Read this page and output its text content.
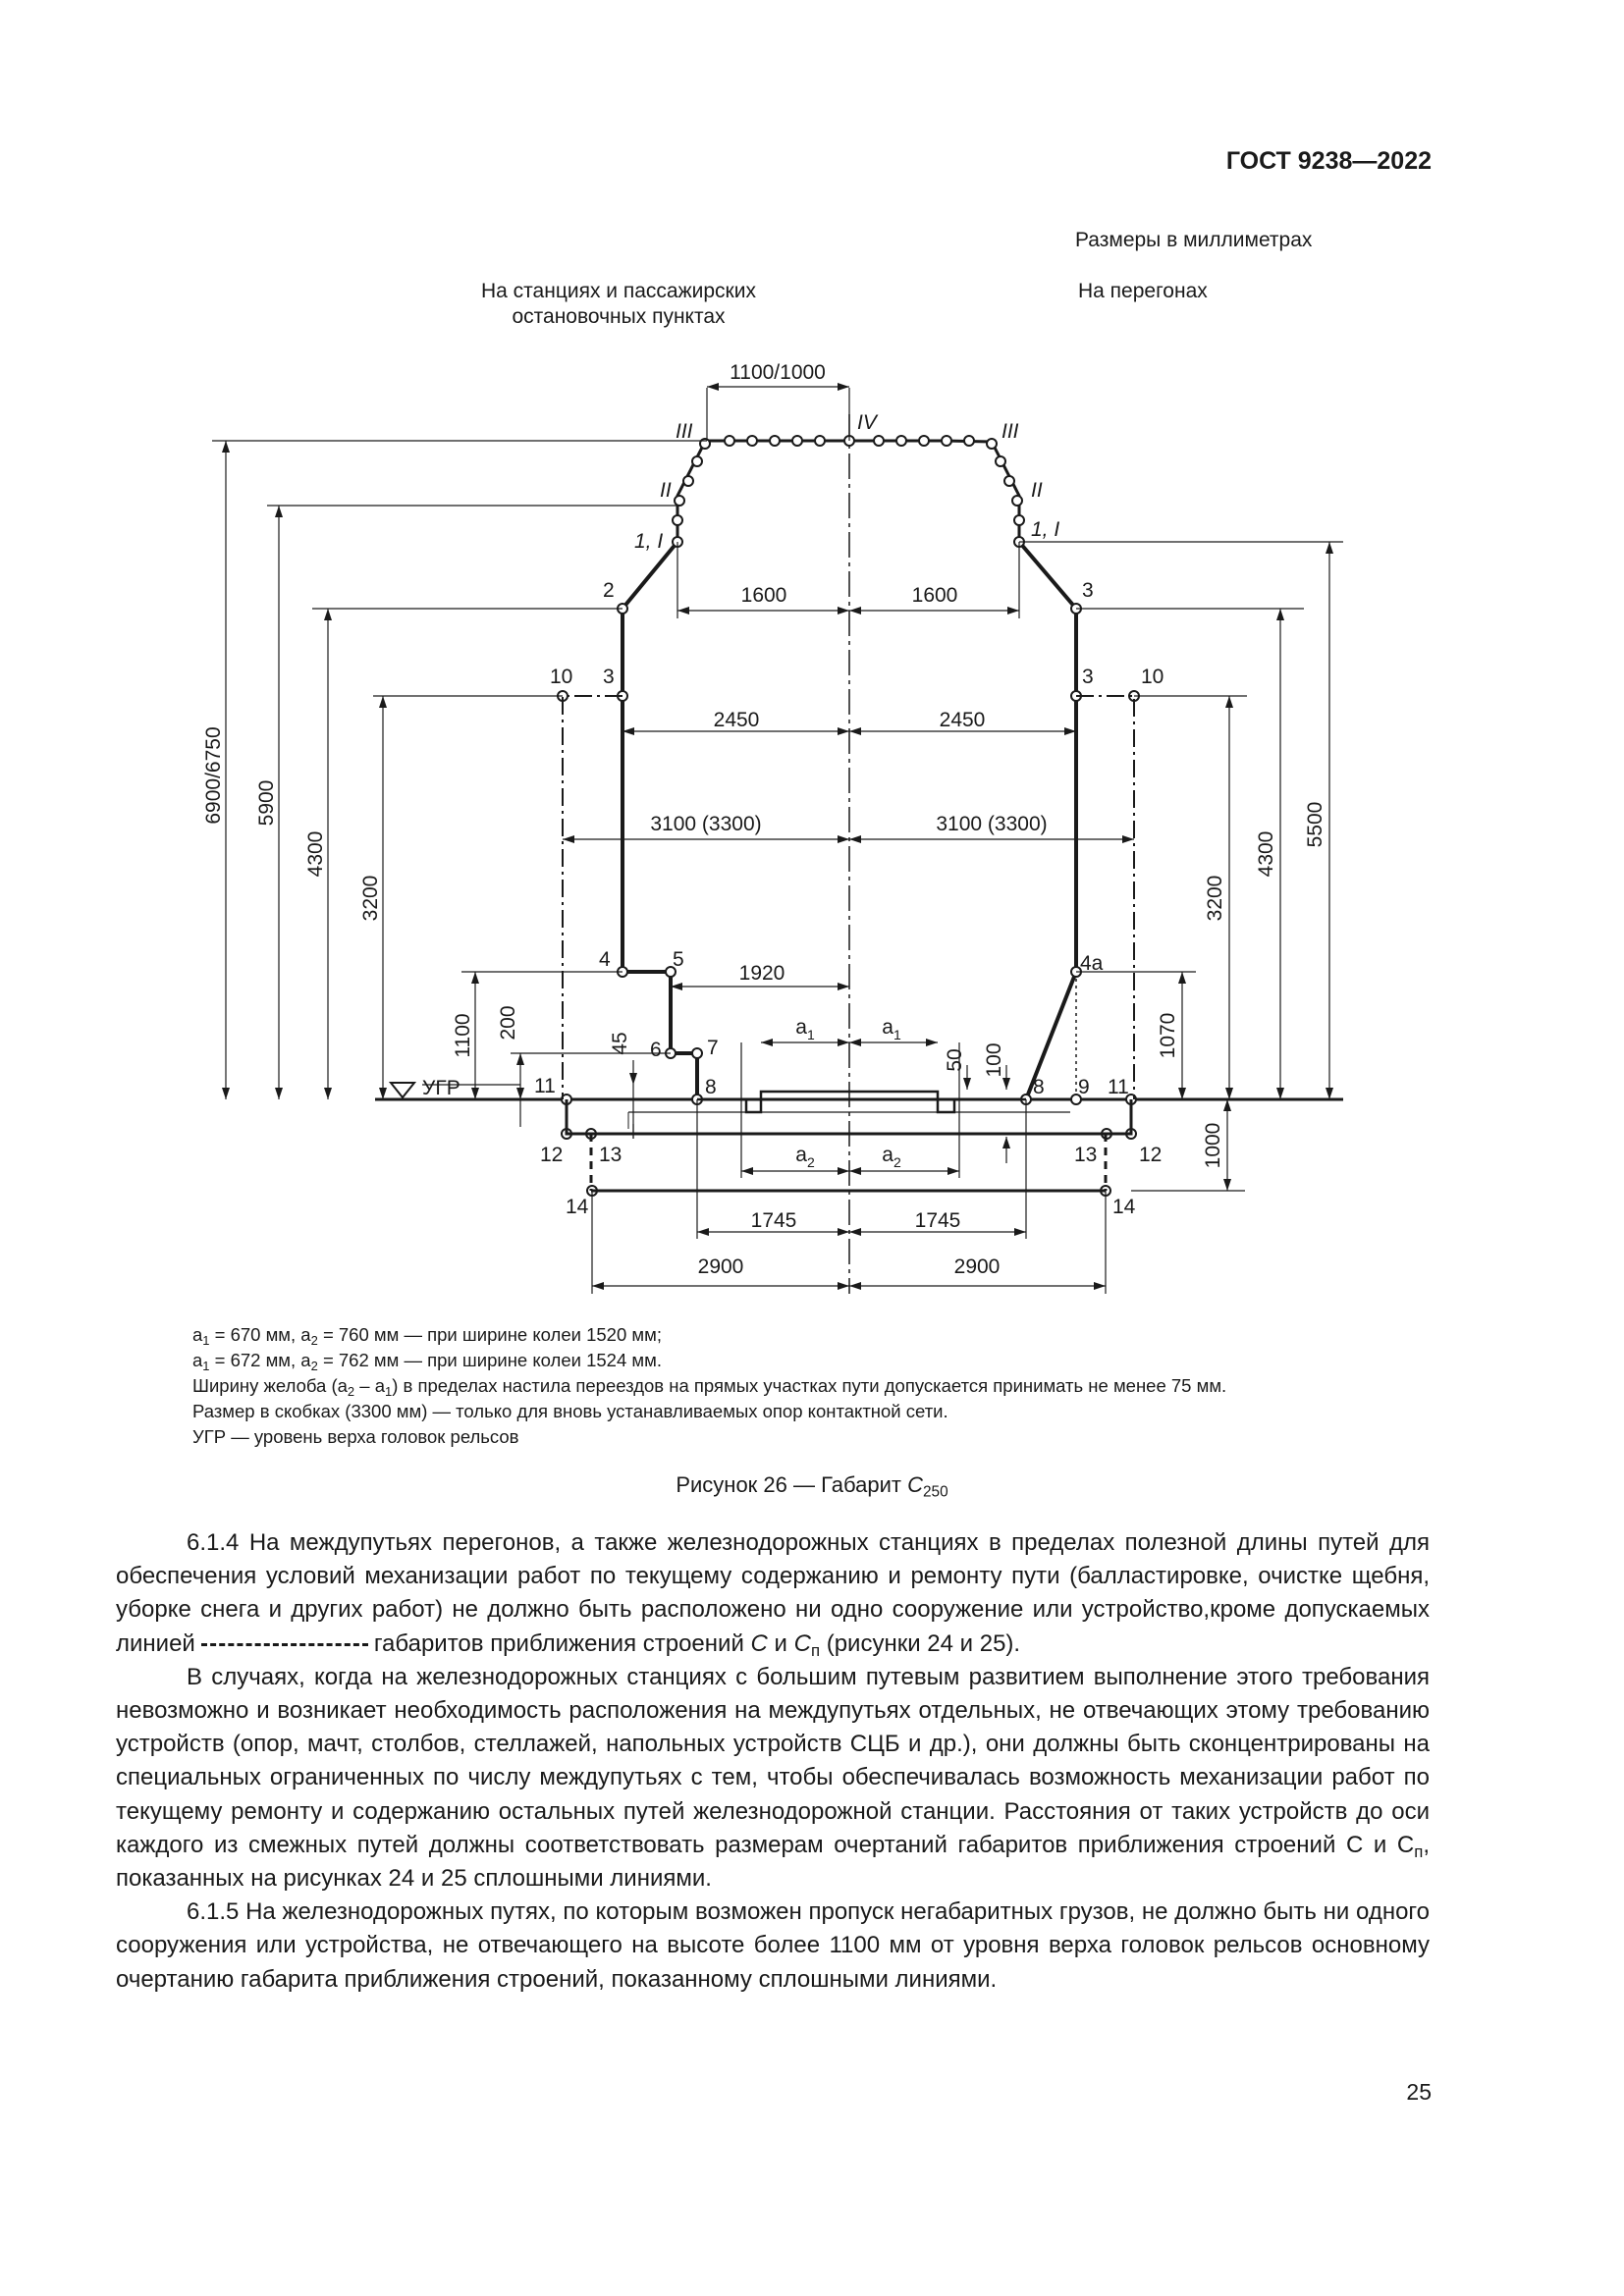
ГОСТ 9238—2022
Размеры в миллиметрах
На станциях и пассажирских
остановочных пунктах
На перегонах
УГР
1100/1000
6900/6750 5900
4300
3200
1100 200
45
50 100
1070
3200
4300
5500
1000
1600	1600
2450	2450
3100 (3300)	3100 (3300)
1920
1745	1745
2900	2900
$a_1$	$a_1$
$a_2$	$a_2$
III	IV	III
II	II
1, I
1, I
2	3
10 3	3 10
4	5	4a
6 7
11	8	8 9 11
12 13	13 12
14	14
$a_1 = 670$ мм, $a_2 = 760$ мм — при ширине колеи 1520 мм;
$a_1 = 672$ мм, $a_2 = 762$ мм — при ширине колеи 1524 мм.
Ширину желоба $(a_2 - a_1)$ в пределах настила переездов на прямых участках пути допускается принимать не менее 75 мм.
Размер в скобках (3300 мм) — только для вновь устанавливаемых опор контактной сети.
УГР — уровень верха головок рельсов
Рисунок 26 — Габарит $С_{250}$

6.1.4 На междупутьях перегонов, а также железнодорожных станциях в пределах полезной длины путей для обеспечения условий механизации работ по текущему содержанию и ремонту пути (балластировке, очистке щебня, уборке снега и других работ) не должно быть расположено ни одно сооружение или устройство,кроме допускаемых линией	габаритов приближения строений С и $С_п$ (рисунки 24 и 25).

В случаях, когда на железнодорожных станциях с большим путевым развитием выполнение этого требования невозможно и возникает необходимость расположения на междупутьях отдельных, не отвечающих этому требованию устройств (опор, мачт, столбов, стеллажей, напольных устройств СЦБ и др.), они должны быть сконцентрированы на специальных ограниченных по числу междупутьях с тем, чтобы обеспечивалась возможность механизации работ по текущему ремонту и содержанию остальных путей железнодорожной станции. Расстояния от таких устройств до оси каждого из смежных путей должны соответствовать размерам очертаний габаритов приближения строений С и $С_п$, показанных на рисунках 24 и 25 сплошными линиями.

6.1.5 На железнодорожных путях, по которым возможен пропуск негабаритных грузов, не должно быть ни одного сооружения или устройства, не отвечающего на высоте более 1100 мм от уровня верха головок рельсов основному очертанию габарита приближения строений, показанному сплошными линиями.

25
